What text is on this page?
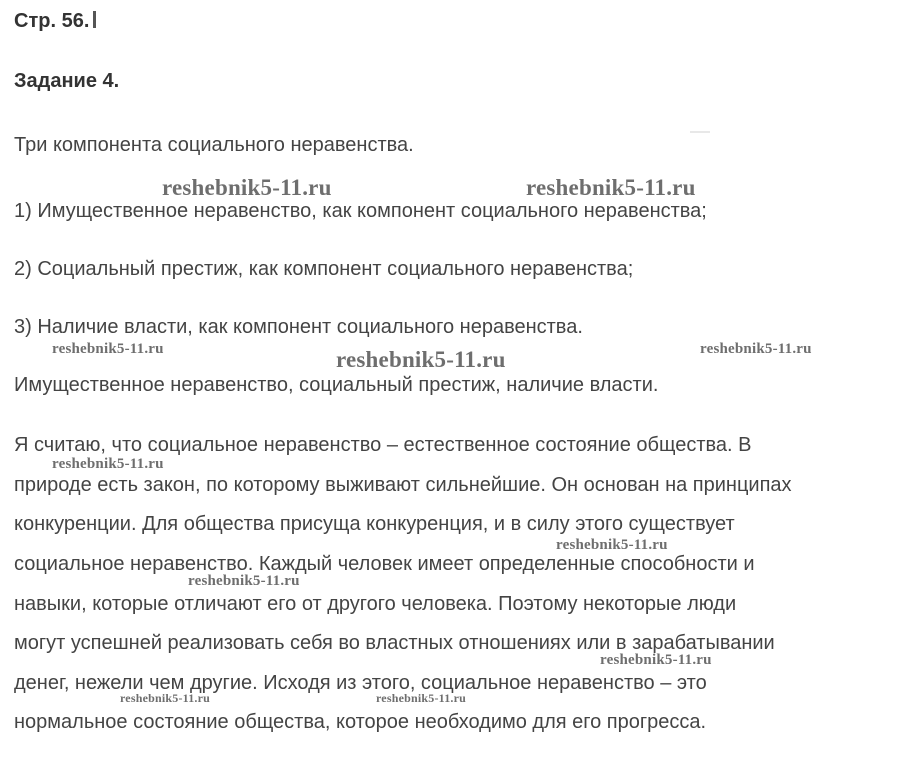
Стр. 56.
Задание 4.
Три компонента социального неравенства.
1) Имущественное неравенство, как компонент социального неравенства;
2) Социальный престиж, как компонент социального неравенства;
3) Наличие власти, как компонент социального неравенства.
Имущественное неравенство, социальный престиж, наличие власти.
Я считаю, что социальное неравенство – естественное состояние общества. В
природе есть закон, по которому выживают сильнейшие. Он основан на принципах
конкуренции. Для общества присуща конкуренция, и в силу этого существует
социальное неравенство. Каждый человек имеет определенные способности и
навыки, которые отличают его от другого человека. Поэтому некоторые люди
могут успешней реализовать себя во властных отношениях или в зарабатывании
денег, нежели чем другие. Исходя из этого, социальное неравенство – это
нормальное состояние общества, которое необходимо для его прогресса.
reshebnik5-11.ru	reshebnik5-11.ru
reshebnik5-11.ru
reshebnik5-11.ru	reshebnik5-11.ru
reshebnik5-11.ru
reshebnik5-11.ru
reshebnik5-11.ru
reshebnik5-11.ru
reshebnik5-11.ru	reshebnik5-11.ru
